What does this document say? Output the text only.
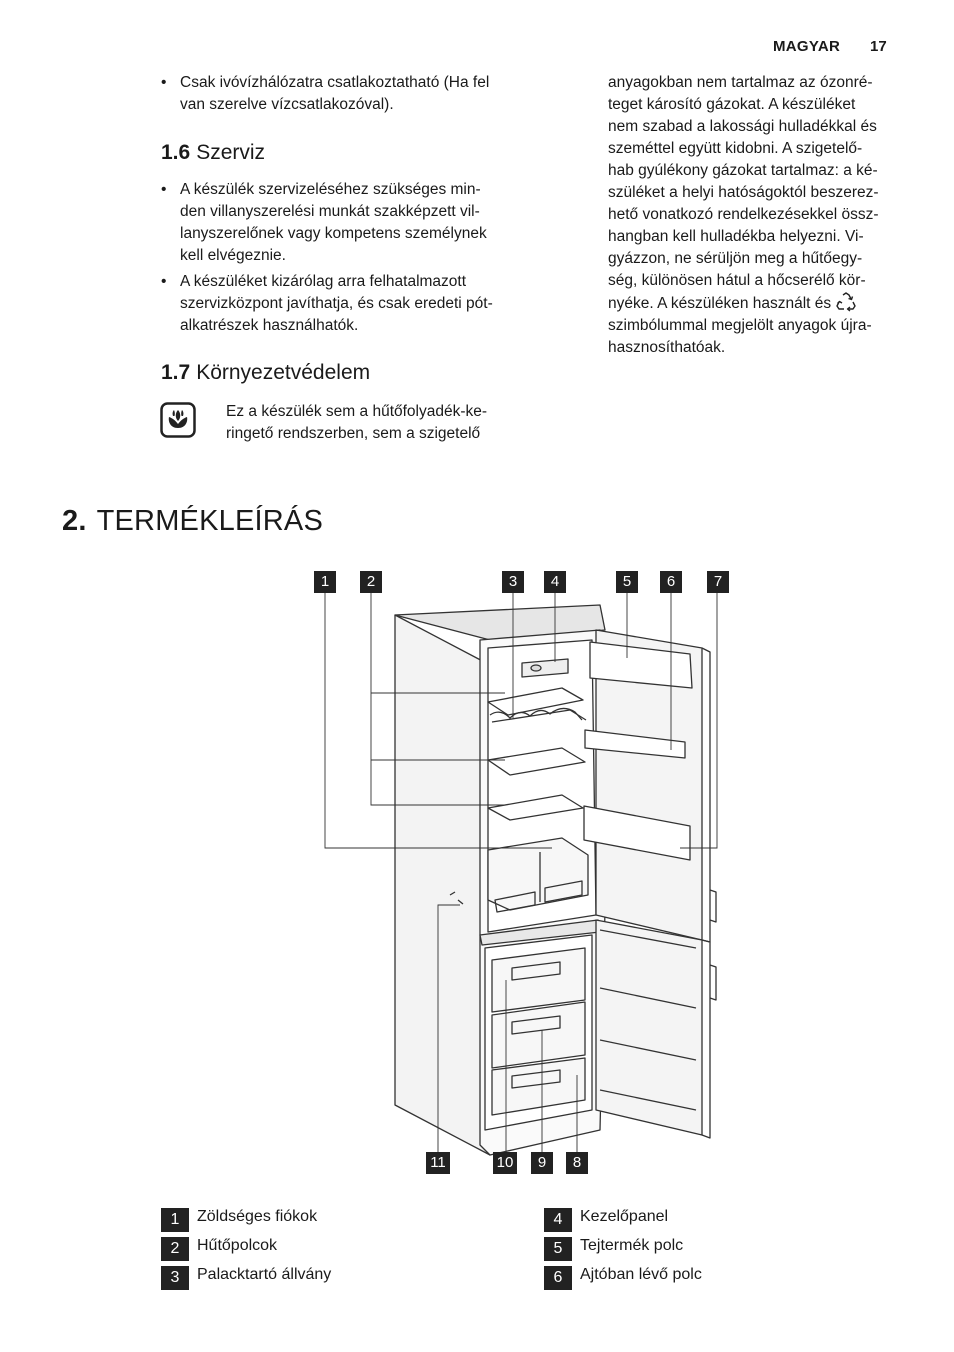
MAGYAR 17
• Csak ivóvízhálózatra csatlakoztatható (Ha fel
van szerelve vízcsatlakozóval).
1.6 Szerviz
• A készülék szervizeléséhez szükséges min-
den villanyszerelési munkát szakképzett vil-
lanyszerelőnek vagy kompetens személynek
kell elvégeznie.
• A készüléket kizárólag arra felhatalmazott
szervizközpont javíthatja, és csak eredeti pót-
alkatrészek használhatók.
1.7 Környezetvédelem
Ez a készülék sem a hűtőfolyadék-ke-
ringető rendszerben, sem a szigetelő
anyagokban nem tartalmaz az ózonré-
teget károsító gázokat. A készüléket
nem szabad a lakossági hulladékkal és
szeméttel együtt kidobni. A szigetelő-
hab gyúlékony gázokat tartalmaz: a ké-
szüléket a helyi hatóságoktól beszerez-
hető vonatkozó rendelkezésekkel össz-
hangban kell hulladékba helyezni. Vi-
gyázzon, ne sérüljön meg a hűtőegy-
ség, különösen hátul a hőcserélő kör-
nyéke. A készüléken használt és
szimbólummal megjelölt anyagok újra-
hasznosíthatóak.
2. TERMÉKLEÍRÁS
1	2	3	4	5	6	7
11	10	9	8
1	Zöldséges fiókok
2	Hűtőpolcok
3	Palacktartó állvány
4	Kezelőpanel
5	Tejtermék polc
6	Ajtóban lévő polc
